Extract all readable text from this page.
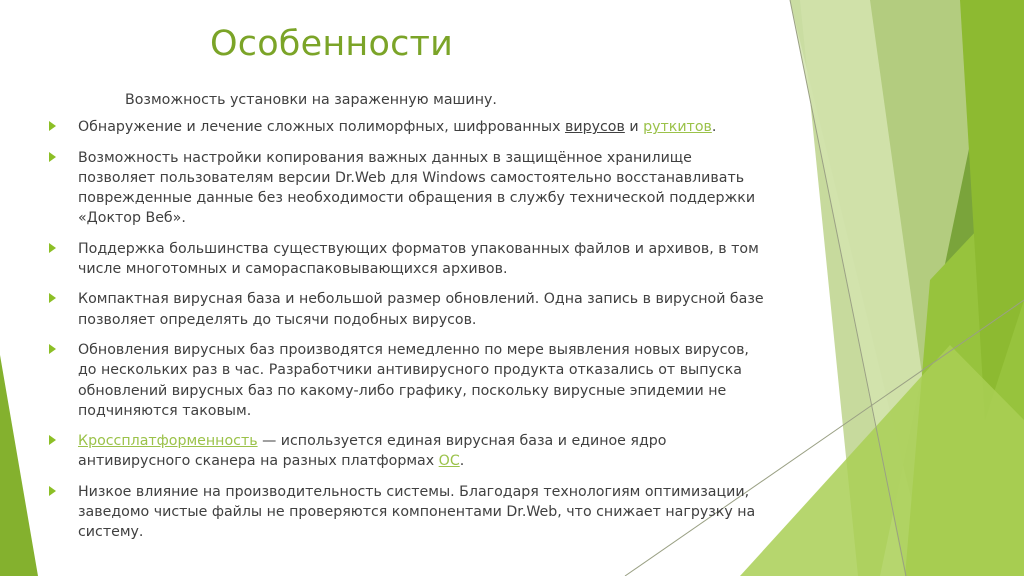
Особенности
Возможность установки на зараженную машину.
Обнаружение и лечение сложных полиморфных, шифрованных вирусов и руткитов.
Возможность настройки копирования важных данных в защищённое хранилище позволяет пользователям версии Dr.Web для Windows самостоятельно восстанавливать поврежденные данные без необходимости обращения в службу технической поддержки «Доктор Веб».
Поддержка большинства существующих форматов упакованных файлов и архивов, в том числе многотомных и самораспаковывающихся архивов.
Компактная вирусная база и небольшой размер обновлений. Одна запись в вирусной базе позволяет определять до тысячи подобных вирусов.
Обновления вирусных баз производятся немедленно по мере выявления новых вирусов, до нескольких раз в час. Разработчики антивирусного продукта отказались от выпуска обновлений вирусных баз по какому-либо графику, поскольку вирусные эпидемии не подчиняются таковым.
Кроссплатформенность — используется единая вирусная база и единое ядро антивирусного сканера на разных платформах ОС.
Низкое влияние на производительность системы. Благодаря технологиям оптимизации, заведомо чистые файлы не проверяются компонентами Dr.Web, что снижает нагрузку на систему.
